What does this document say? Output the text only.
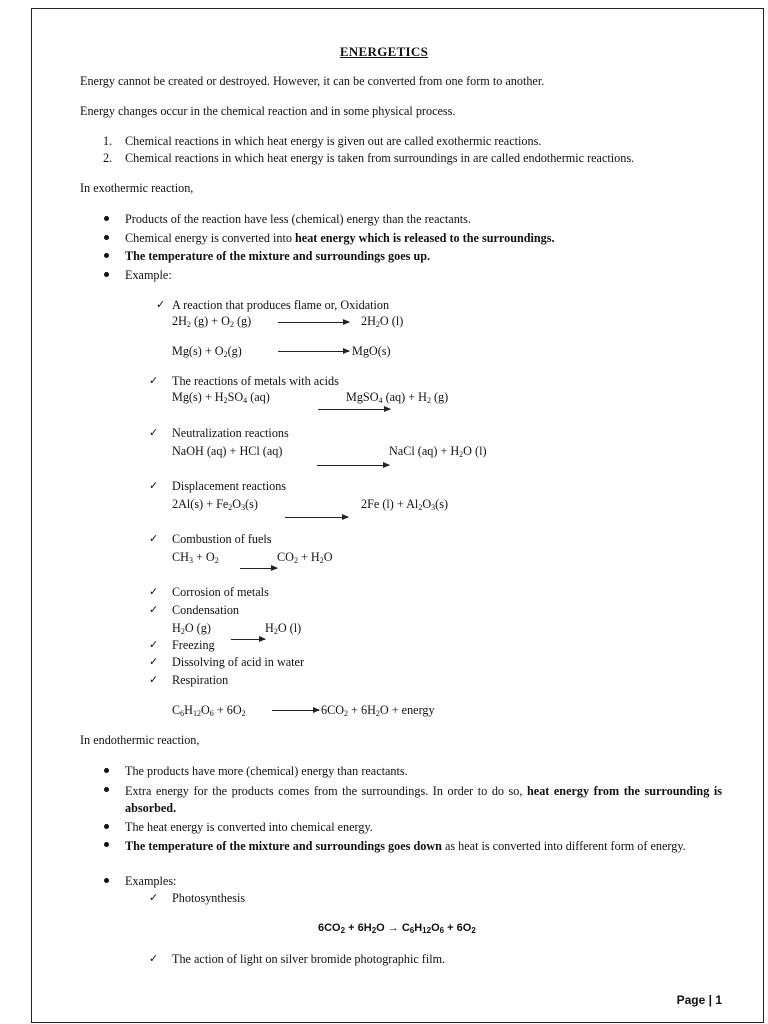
ENERGETICS
Energy cannot be created or destroyed. However, it can be converted from one form to another.
Energy changes occur in the chemical reaction and in some physical process.
1. Chemical reactions in which heat energy is given out are called exothermic reactions.
2. Chemical reactions in which heat energy is taken from surroundings in are called endothermic reactions.
In exothermic reaction,
Products of the reaction have less (chemical) energy than the reactants.
Chemical energy is converted into heat energy which is released to the surroundings.
The temperature of the mixture and surroundings goes up.
Example:
✓ A reaction that produces flame or, Oxidation
$2H_2$ $(g) + O_2$ (g)	$2H_2O$ (l)
$Mg(s) + O_2(g)$	MgO(s)
✓ The reactions of metals with acids
$Mg(s) + H_2SO_4$ (aq)	MgSO$_4$ $(aq) + H_2$ (g)
✓ Neutralization reactions
NaOH (aq) + HCl (aq)	NaCl $(aq) + H_2O$ (l)
✓ Displacement reactions
$2Al(s) + Fe_2O_3(s)$	2Fe $(l) + Al_2O_3(s)$
✓ Combustion of fuels
$CH_3 + O_2$	$CO_2 + H_2O$
✓ Corrosion of metals
✓ Condensation
$H_2O$ (g)	$H_2O$ (l)
✓ Freezing
✓ Dissolving of acid in water
✓ Respiration
$C_6H_{12}O_6 + 6O_2 \to 6CO_2 + 6H_2O$ + energy
In endothermic reaction,
The products have more (chemical) energy than reactants.
Extra energy for the products comes from the surroundings. In order to do so, heat energy from the surrounding is absorbed.
The heat energy is converted into chemical energy.
The temperature of the mixture and surroundings goes down as heat is converted into different form of energy.
Examples:
✓ Photosynthesis
$6CO_2 + 6H_2O \to C_6H_{12}O_6 + 6O_2$
✓ The action of light on silver bromide photographic film.
Page | 1
